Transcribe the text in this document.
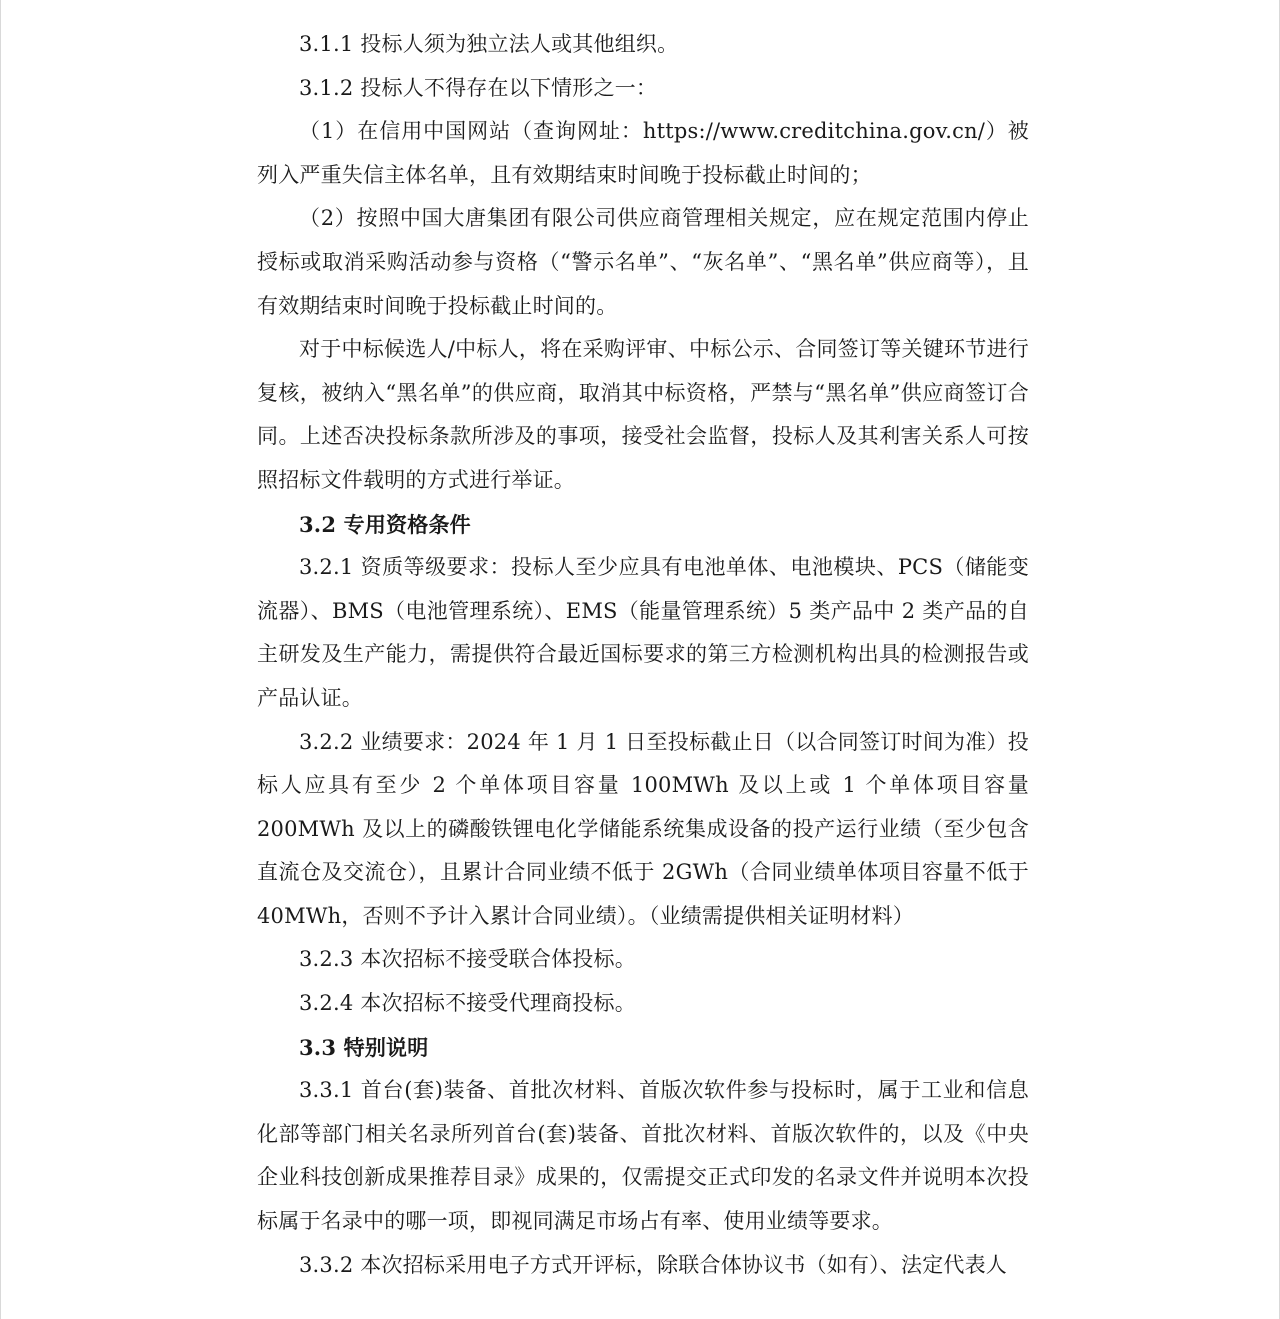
3.1.1 投标人须为独立法人或其他组织。

3.1.2 投标人不得存在以下情形之一：

（1）在信用中国网站（查询网址：https://www.creditchina.gov.cn/）被列入严重失信主体名单，且有效期结束时间晚于投标截止时间的；

（2）按照中国大唐集团有限公司供应商管理相关规定，应在规定范围内停止授标或取消采购活动参与资格（“警示名单”、“灰名单”、“黑名单”供应商等），且有效期结束时间晚于投标截止时间的。

对于中标候选人/中标人，将在采购评审、中标公示、合同签订等关键环节进行复核，被纳入“黑名单”的供应商，取消其中标资格，严禁与“黑名单”供应商签订合同。上述否决投标条款所涉及的事项，接受社会监督，投标人及其利害关系人可按照招标文件载明的方式进行举证。

3.2 专用资格条件

3.2.1 资质等级要求：投标人至少应具有电池单体、电池模块、PCS（储能变流器）、BMS（电池管理系统）、EMS（能量管理系统）5 类产品中 2 类产品的自主研发及生产能力，需提供符合最近国标要求的第三方检测机构出具的检测报告或产品认证。

3.2.2 业绩要求：2024 年 1 月 1 日至投标截止日（以合同签订时间为准）投标人应具有至少 2 个单体项目容量 100MWh 及以上或 1 个单体项目容量 200MWh 及以上的磷酸铁锂电化学储能系统集成设备的投产运行业绩（至少包含直流仓及交流仓），且累计合同业绩不低于 2GWh（合同业绩单体项目容量不低于 40MWh，否则不予计入累计合同业绩）。（业绩需提供相关证明材料）

3.2.3 本次招标不接受联合体投标。

3.2.4 本次招标不接受代理商投标。

3.3 特别说明

3.3.1 首台(套)装备、首批次材料、首版次软件参与投标时，属于工业和信息化部等部门相关名录所列首台(套)装备、首批次材料、首版次软件的，以及《中央企业科技创新成果推荐目录》成果的，仅需提交正式印发的名录文件并说明本次投标属于名录中的哪一项，即视同满足市场占有率、使用业绩等要求。

3.3.2 本次招标采用电子方式开评标，除联合体协议书（如有）、法定代表人
